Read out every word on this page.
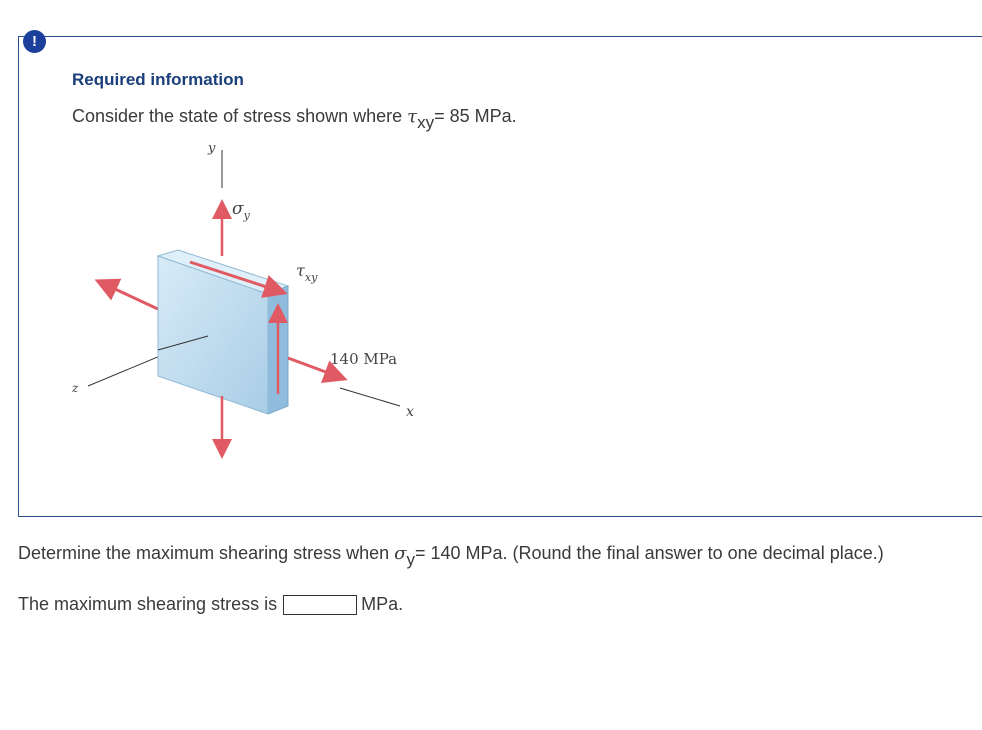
!
Required information
Consider the state of stress shown where $\tau_{xy}= 85$ MPa.
y
z
x
$\sigma_y$
$\tau_{xy}$
140 MPa
Determine the maximum shearing stress when $\sigma_y= 140$ MPa. (Round the final answer to one decimal place.)
The maximum shearing stress is	MPa.
